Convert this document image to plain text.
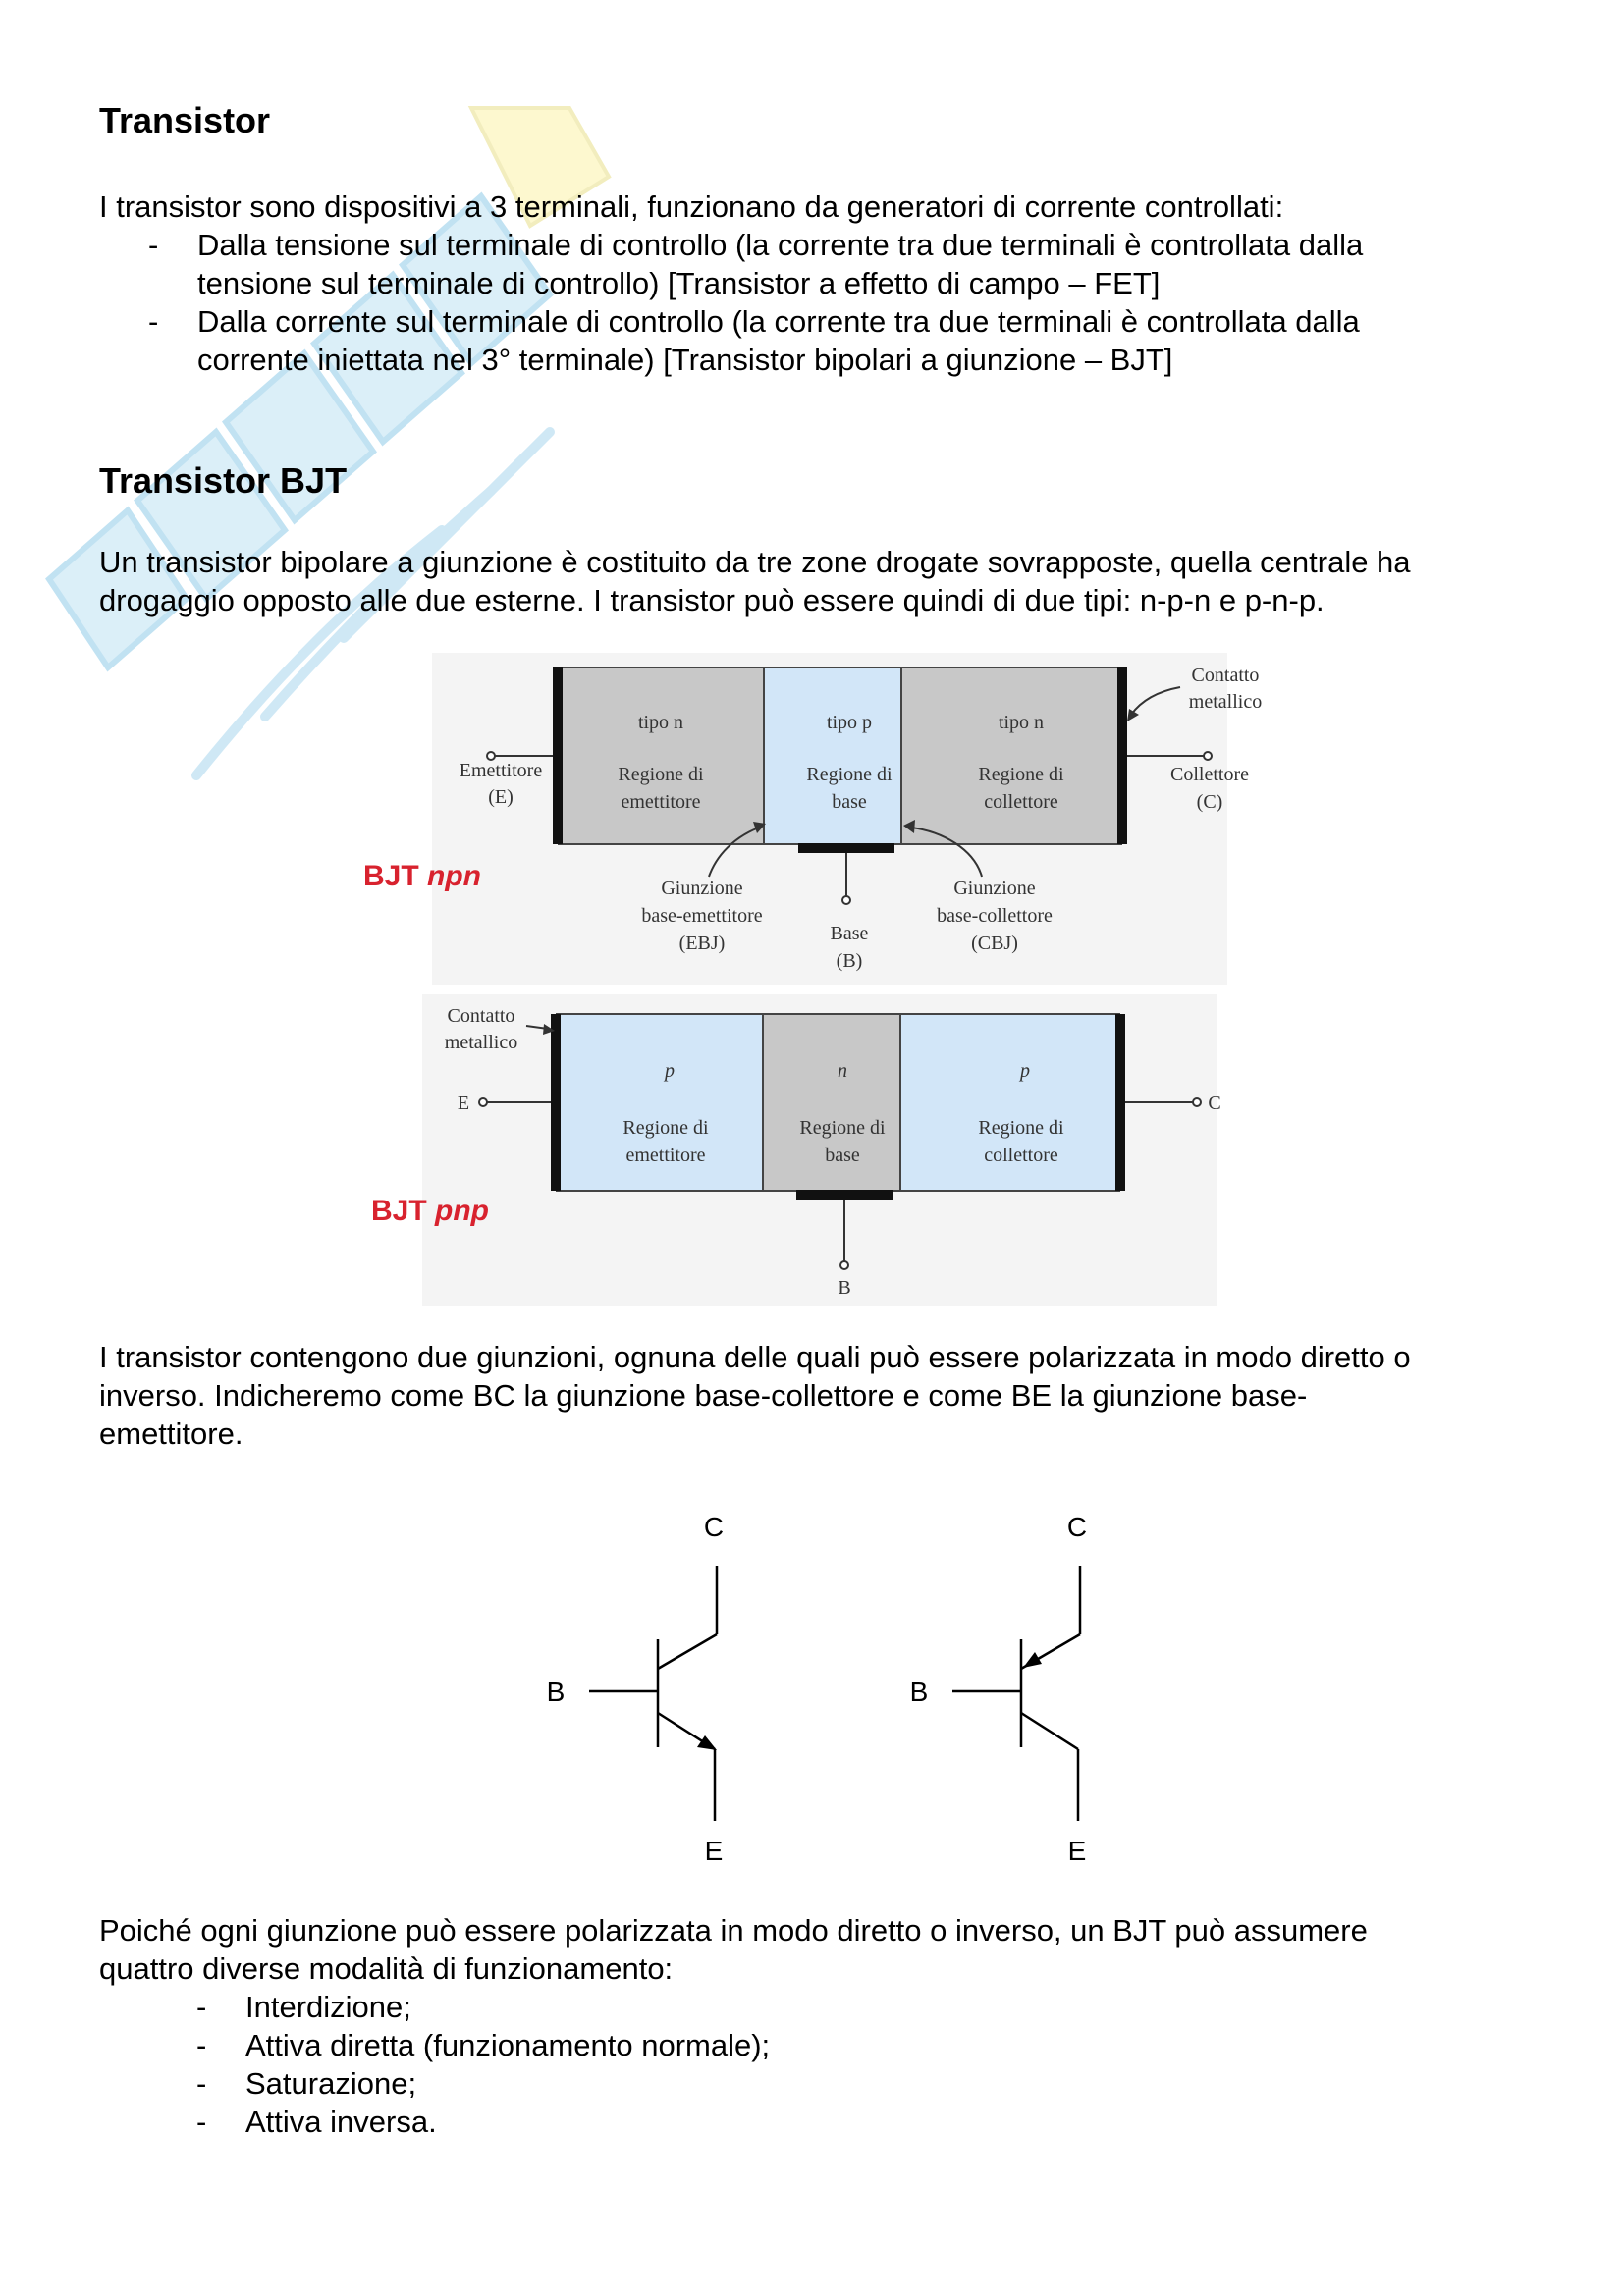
Transistor

I transistor sono dispositivi a 3 terminali, funzionano da generatori di corrente controllati:

- Dalla tensione sul terminale di controllo (la corrente tra due terminali è controllata dalla
tensione sul terminale di controllo) [Transistor a effetto di campo – FET]
- Dalla corrente sul terminale di controllo (la corrente tra due terminali è controllata dalla
corrente iniettata nel 3° terminale) [Transistor bipolari a giunzione – BJT]
Transistor BJT

Un transistor bipolare a giunzione è costituito da tre zone drogate sovrapposte, quella centrale ha
drogaggio opposto alle due esterne. I transistor può essere quindi di due tipi: n-p-n e p-n-p.

tipo n
Regione di
emettitore
tipo p
Regione di
base
tipo n
Regione di
collettore
Emettitore
(E)
Collettore
(C)
Contatto
metallico
Base
(B)
Giunzione
base-emettitore
(EBJ)
Giunzione
base-collettore
(CBJ)
BJT npn
p
Regione di
emettitore
n
Regione di
base
p
Regione di
collettore
Contatto
metallico
E	C
B
BJT pnp

I transistor contengono due giunzioni, ognuna delle quali può essere polarizzata in modo diretto o
inverso. Indicheremo come BC la giunzione base-collettore e come BE la giunzione base-
emettitore.

C
B
E
C
B
E

Poiché ogni giunzione può essere polarizzata in modo diretto o inverso, un BJT può assumere
quattro diverse modalità di funzionamento:

- Interdizione;
- Attiva diretta (funzionamento normale);
- Saturazione;
- Attiva inversa.
